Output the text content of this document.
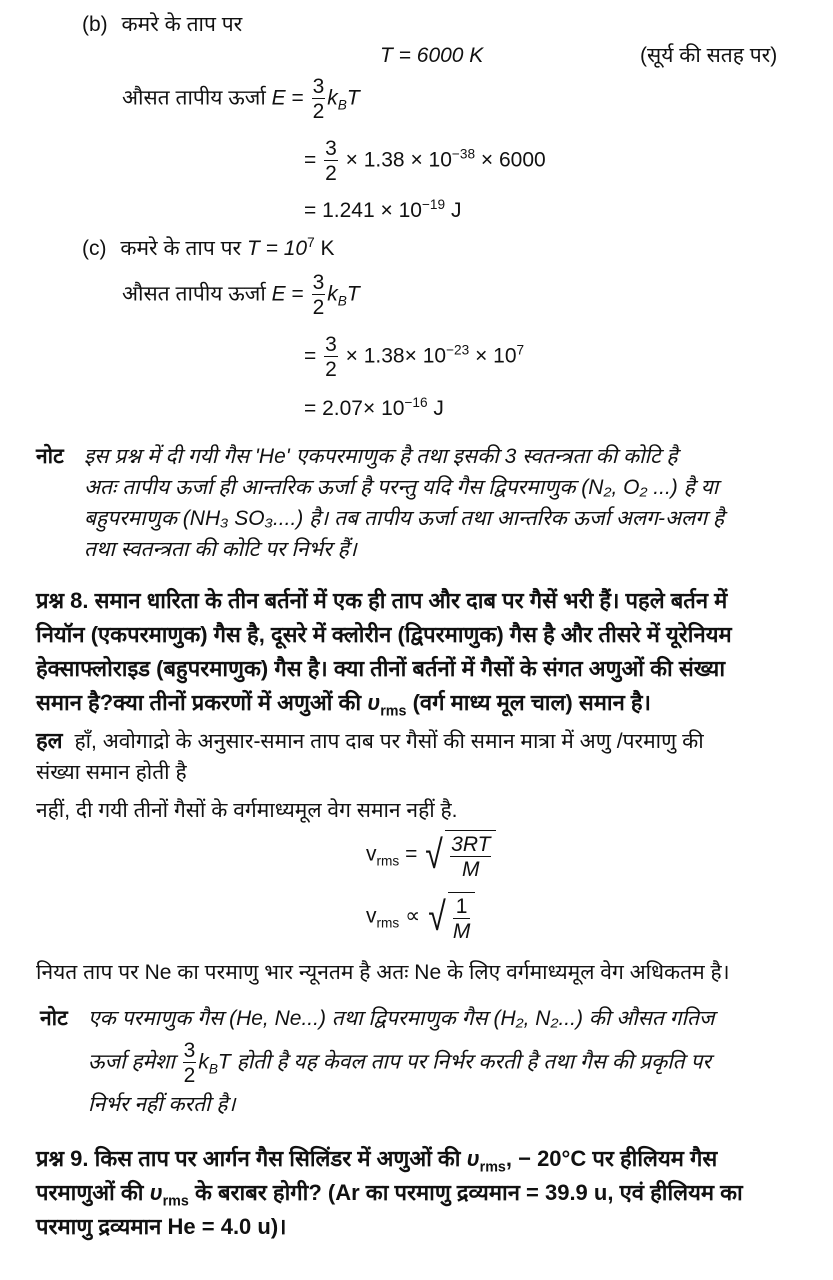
(b) कमरे के ताप पर
T = 6000 K	(सूर्य की सतह पर)
औसत तापीय ऊर्जा $E = \frac{3}{2} k_BT$
= $\frac{3}{2} \times 1.38 \times 10^{-38} \times 6000$
= $1.241 \times 10^{-19}$ J
(c) कमरे के ताप पर $T = 10^7$ K
औसत तापीय ऊर्जा $E = \frac{3}{2} k_BT$
= $\frac{3}{2} \times 1.38\times 10^{-23} \times 10^7$
= $2.07\times 10^{-16}$ J
नोट इस प्रश्न में दी गयी गैस 'He' एकपरमाणुक है तथा इसकी 3 स्वतन्त्रता की कोटि है
अतः तापीय ऊर्जा ही आन्तरिक ऊर्जा है परन्तु यदि गैस द्विपरमाणुक (N₂, O₂ ...) है या
बहुपरमाणुक (NH₃ SO₃....) है। तब तापीय ऊर्जा तथा आन्तरिक ऊर्जा अलग-अलग है
तथा स्वतन्त्रता की कोटि पर निर्भर हैं।
प्रश्न 8. समान धारिता के तीन बर्तनों में एक ही ताप और दाब पर गैसें भरी हैं। पहले बर्तन में
नियॉन (एकपरमाणुक) गैस है, दूसरे में क्लोरीन (द्विपरमाणुक) गैस है और तीसरे में यूरेनियम
हेक्साफ्लोराइड (बहुपरमाणुक) गैस है। क्या तीनों बर्तनों में गैसों के संगत अणुओं की संख्या
समान है?क्या तीनों प्रकरणों में अणुओं की $\upsilon_{rms}$ (वर्ग माध्य मूल चाल) समान है।
हल हाँ, अवोगाद्रो के अनुसार-समान ताप दाब पर गैसों की समान मात्रा में अणु /परमाणु की
संख्या समान होती है
नहीं, दी गयी तीनों गैसों के वर्गमाध्यमूल वेग समान नहीं है.
$v_{rms}$ = √ $\frac{3RT}{M}$
$v_{rms}$ ∝ √ $\frac{1}{M}$
नियत ताप पर Ne का परमाणु भार न्यूनतम है अतः Ne के लिए वर्गमाध्यमूल वेग अधिकतम है।
नोट एक परमाणुक गैस (He, Ne...) तथा द्विपरमाणुक गैस (H₂, N₂...) की औसत गतिज
ऊर्जा हमेशा $\frac{3}{2} k_BT$ होती है यह केवल ताप पर निर्भर करती है तथा गैस की प्रकृति पर
निर्भर नहीं करती है।
प्रश्न 9. किस ताप पर आर्गन गैस सिलिंडर में अणुओं की $\upsilon_{rms}$, − 20°C पर हीलियम गैस
परमाणुओं की $\upsilon_{rms}$ के बराबर होगी? (Ar का परमाणु द्रव्यमान = 39.9 u, एवं हीलियम का
परमाणु द्रव्यमान He = 4.0 u)।
